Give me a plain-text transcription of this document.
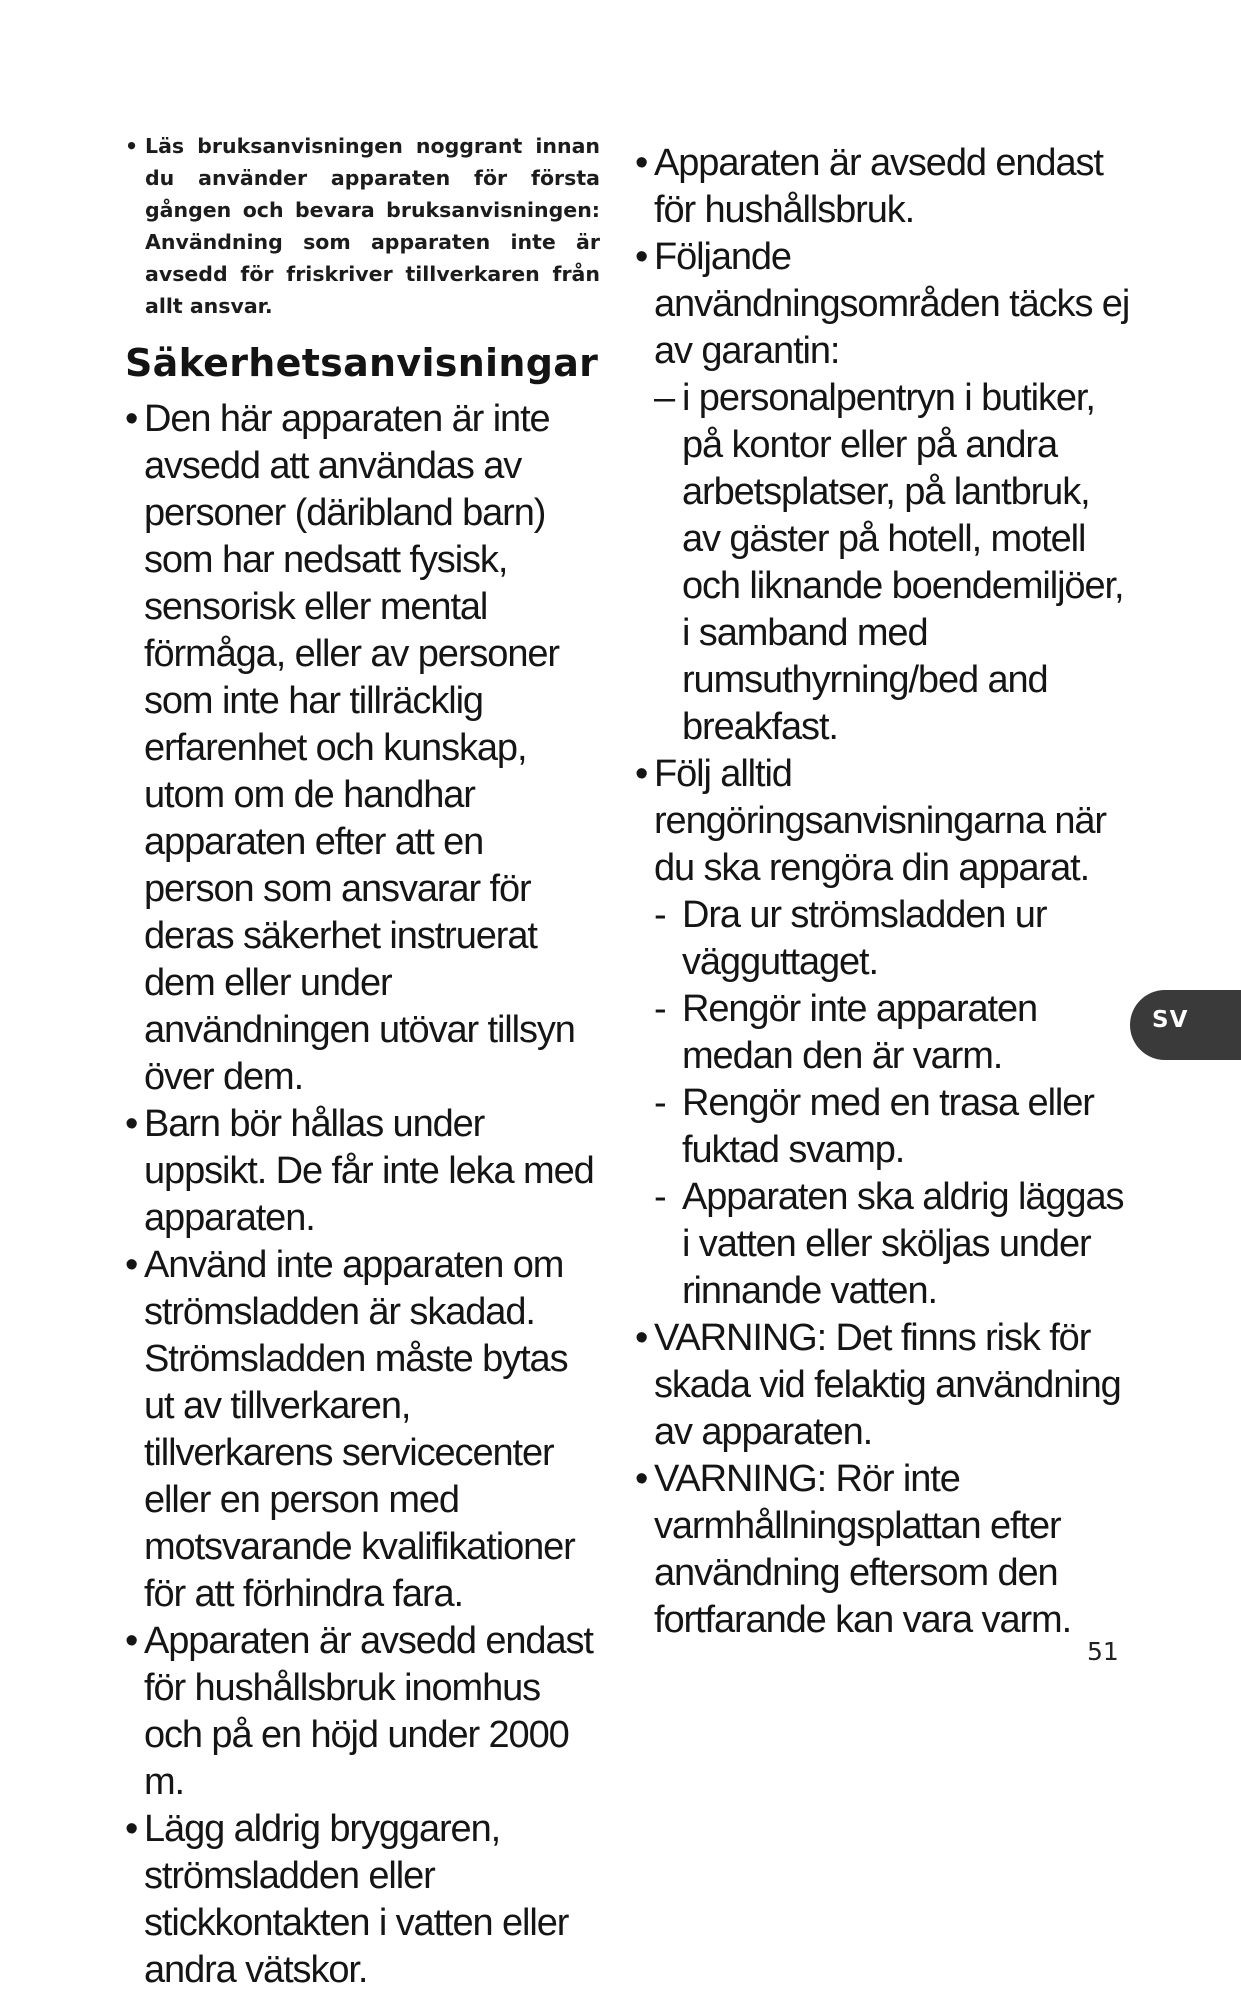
• Läs bruksanvisningen noggrant innan du använder apparaten för första gången och bevara bruksanvisningen: Användning som apparaten inte är avsedd för friskriver tillverkaren från allt ansvar.
Säkerhetsanvisningar
• Den här apparaten är inte avsedd att användas av personer (däribland barn) som har nedsatt fysisk, sensorisk eller mental förmåga, eller av personer som inte har tillräcklig erfarenhet och kunskap, utom om de handhar apparaten efter att en person som ansvarar för deras säkerhet instruerat dem eller under användningen utövar tillsyn över dem.
• Barn bör hållas under uppsikt. De får inte leka med apparaten.
• Använd inte apparaten om strömsladden är skadad. Strömsladden måste bytas ut av tillverkaren, tillverkarens servicecenter eller en person med motsvarande kvalifikationer för att förhindra fara.
• Apparaten är avsedd endast för hushållsbruk inomhus och på en höjd under 2000 m.
• Lägg aldrig bryggaren, strömsladden eller stickkontakten i vatten eller andra vätskor.
• Apparaten är avsedd endast för hushållsbruk.
• Följande användningsområden täcks ej av garantin:
– i personalpentryn i butiker, på kontor eller på andra arbetsplatser, på lantbruk, av gäster på hotell, motell och liknande boendemiljöer, i samband med rumsuthyrning/bed and breakfast.
• Följ alltid rengöringsanvisningarna när du ska rengöra din apparat.
- Dra ur strömsladden ur vägguttaget.
- Rengör inte apparaten medan den är varm.
- Rengör med en trasa eller fuktad svamp.
- Apparaten ska aldrig läggas i vatten eller sköljas under rinnande vatten.
• VARNING: Det finns risk för skada vid felaktig användning av apparaten.
• VARNING: Rör inte varmhållningsplattan efter användning eftersom den fortfarande kan vara varm.
SV
51
